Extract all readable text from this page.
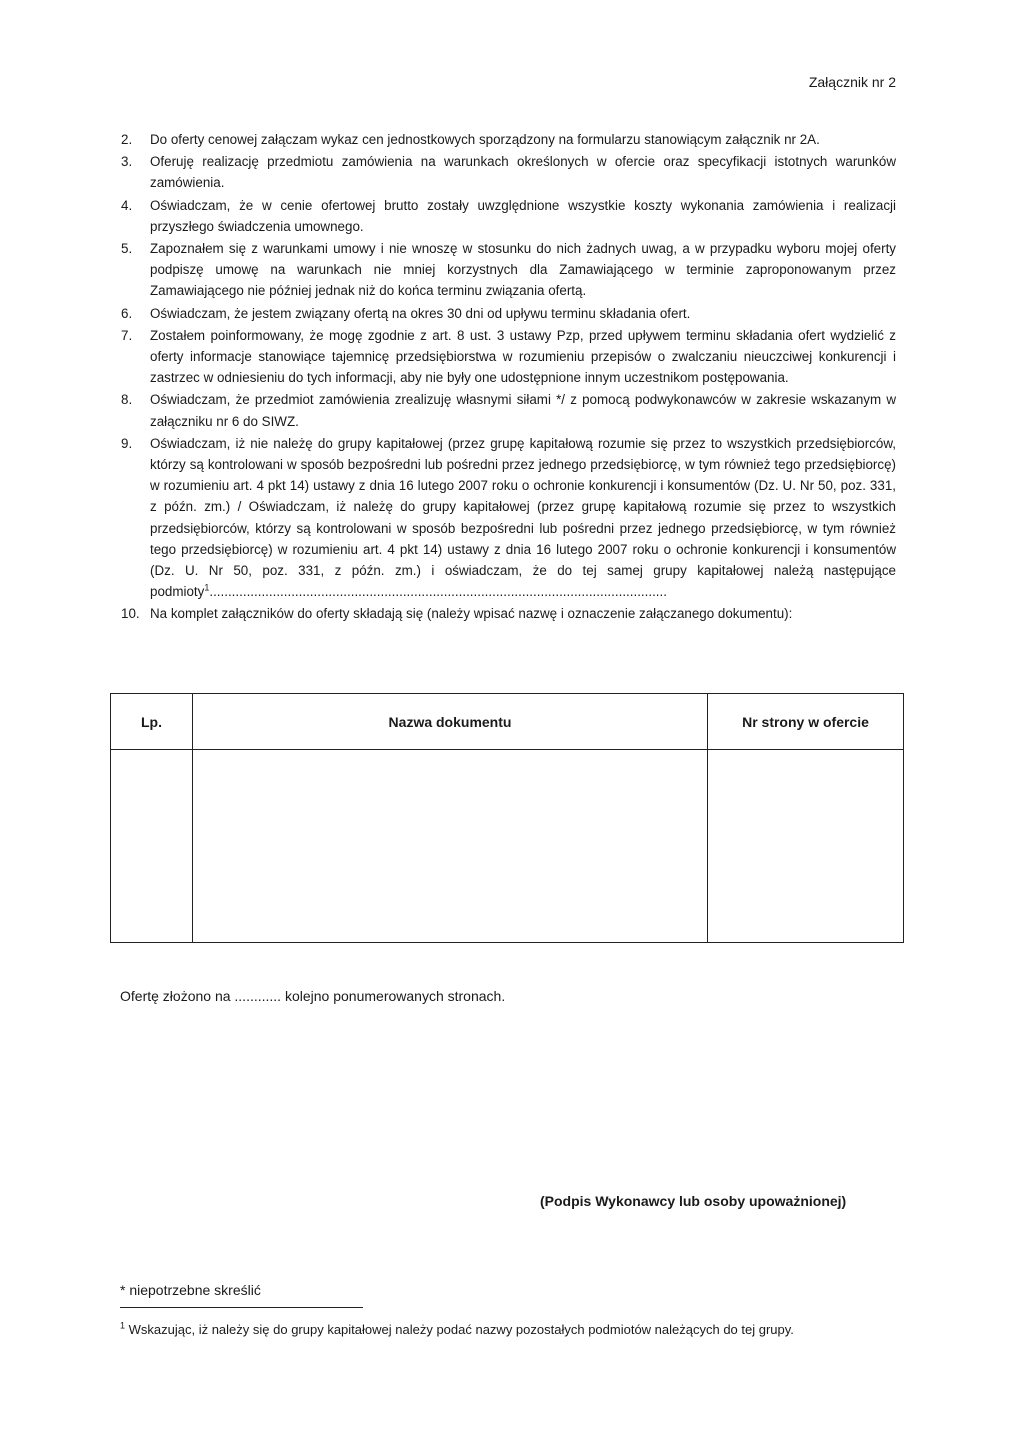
Załącznik nr 2
2.	Do oferty cenowej załączam wykaz cen jednostkowych sporządzony na formularzu stanowiącym załącznik nr 2A.
3.	Oferuję realizację przedmiotu zamówienia na warunkach określonych w ofercie oraz specyfikacji istotnych warunków zamówienia.
4.	Oświadczam, że w cenie ofertowej brutto zostały uwzględnione wszystkie koszty wykonania zamówienia i realizacji przyszłego świadczenia umownego.
5.	Zapoznałem się z warunkami umowy i nie wnoszę w stosunku do nich żadnych uwag, a w przypadku wyboru mojej oferty podpiszę umowę na warunkach nie mniej korzystnych dla Zamawiającego w terminie zaproponowanym przez Zamawiającego nie później jednak niż do końca terminu związania ofertą.
6.	Oświadczam, że jestem związany ofertą na okres 30 dni od upływu terminu składania ofert.
7.	Zostałem poinformowany, że mogę zgodnie z art. 8 ust. 3 ustawy Pzp, przed upływem terminu składania ofert wydzielić z oferty informacje stanowiące tajemnicę przedsiębiorstwa w rozumieniu przepisów o zwalczaniu nieuczciwej konkurencji i zastrzec w odniesieniu do tych informacji, aby nie były one udostępnione innym uczestnikom postępowania.
8.	Oświadczam, że przedmiot zamówienia zrealizuję własnymi siłami */ z pomocą podwykonawców w zakresie wskazanym w załączniku nr 6 do SIWZ.
9.	Oświadczam, iż nie należę do grupy kapitałowej (przez grupę kapitałową rozumie się przez to wszystkich przedsiębiorców, którzy są kontrolowani w sposób bezpośredni lub pośredni przez jednego przedsiębiorcę, w tym również tego przedsiębiorcę) w rozumieniu art. 4 pkt 14) ustawy z dnia 16 lutego 2007 roku o ochronie konkurencji i konsumentów (Dz. U. Nr 50, poz. 331, z późn. zm.) / Oświadczam, iż należę do grupy kapitałowej (przez grupę kapitałową rozumie się przez to wszystkich przedsiębiorców, którzy są kontrolowani w sposób bezpośredni lub pośredni przez jednego przedsiębiorcę, w tym również tego przedsiębiorcę) w rozumieniu art. 4 pkt 14) ustawy z dnia 16 lutego 2007 roku o ochronie konkurencji i konsumentów (Dz. U. Nr 50, poz. 331, z późn. zm.) i oświadczam, że do tej samej grupy kapitałowej należą następujące podmioty$^1$...........................................................................................................................
10. Na komplet załączników do oferty składają się (należy wpisać nazwę i oznaczenie załączanego dokumentu):
Lp.	Nazwa dokumentu	Nr strony w ofercie
Ofertę złożono na ............ kolejno ponumerowanych stronach.
(Podpis Wykonawcy lub osoby upoważnionej)
* niepotrzebne skreślić
$^1$ Wskazując, iż należy się do grupy kapitałowej należy podać nazwy pozostałych podmiotów należących do tej grupy.
